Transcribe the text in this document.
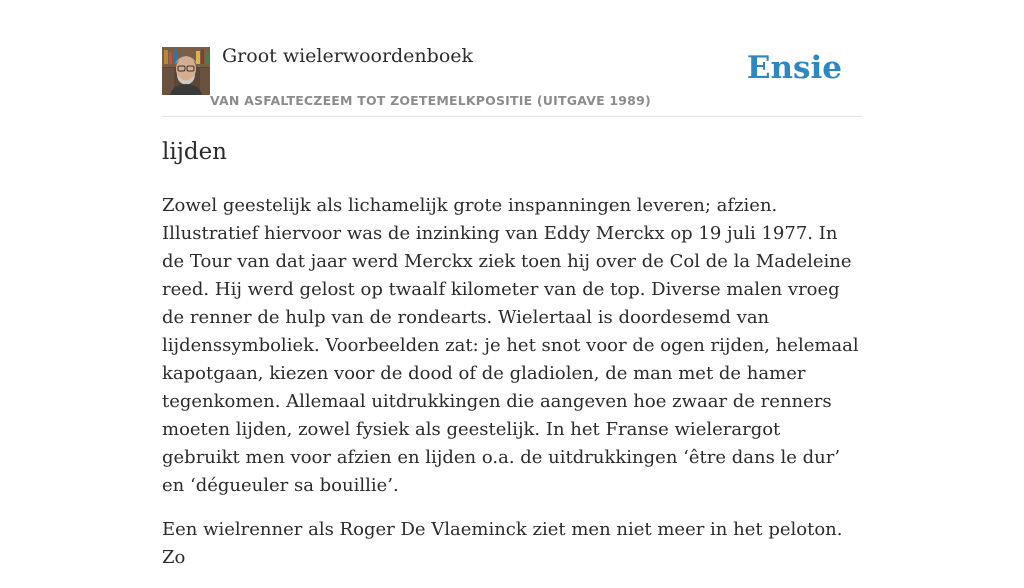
Groot wielerwoordenboek
VAN ASFALTECZEEM TOT ZOETEMELKPOSITIE (UITGAVE 1989)
Ensie
lijden

Zowel geestelijk als lichamelijk grote inspanningen leveren; afzien. Illustratief hiervoor was de inzinking van Eddy Merckx op 19 juli 1977. In de Tour van dat jaar werd Merckx ziek toen hij over de Col de la Madeleine reed. Hij werd gelost op twaalf kilometer van de top. Diverse malen vroeg de renner de hulp van de rondearts. Wielertaal is doordesemd van lijdenssymboliek. Voorbeelden zat: je het snot voor de ogen rijden, helemaal kapotgaan, kiezen voor de dood of de gladiolen, de man met de hamer tegenkomen. Allemaal uitdrukkingen die aangeven hoe zwaar de renners moeten lijden, zowel fysiek als geestelijk. In het Franse wielerargot gebruikt men voor afzien en lijden o.a. de uitdrukkingen ‘être dans le dur’ en ‘dégueuler sa bouillie’.

Een wielrenner als Roger De Vlaeminck ziet men niet meer in het peloton. Zo
